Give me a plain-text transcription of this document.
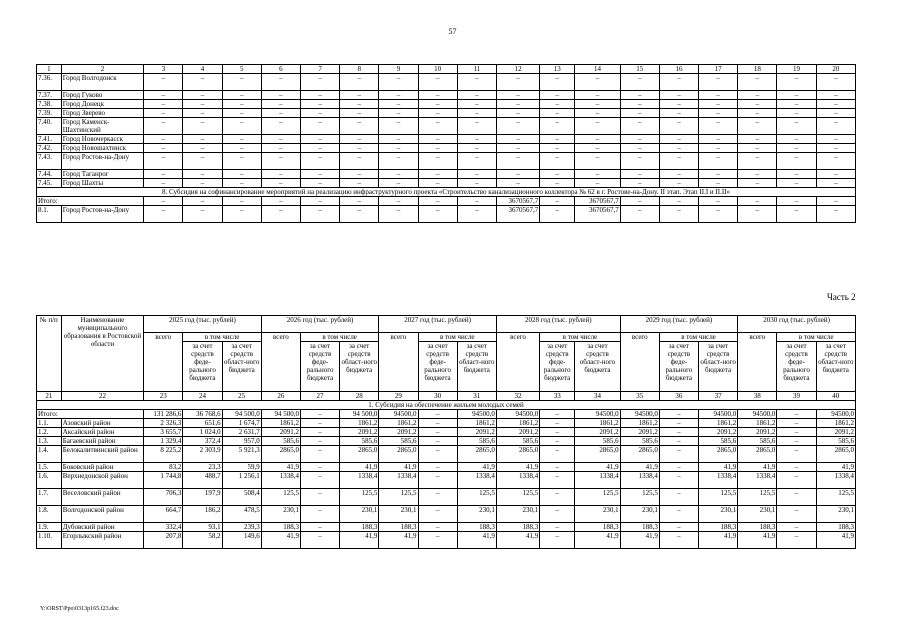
57
1	2	3	4	5	6	7	8	9	10	11	12	13	14	15	16	17	18	19	20
7.36.	Город Волгодонск	–	–	–	–	–	–	–	–	–	–	–	–	–	–	–	–	–	–
7.37.	Город Гуково	–	–	–	–	–	–	–	–	–	–	–	–	–	–	–	–	–	–
7.38.	Город Донецк	–	–	–	–	–	–	–	–	–	–	–	–	–	–	–	–	–	–
7.39.	Город Зверево	–	–	–	–	–	–	–	–	–	–	–	–	–	–	–	–	–	–
7.40.	Город Каменск-Шахтинский	–	–	–	–	–	–	–	–	–	–	–	–	–	–	–	–	–	–
7.41.	Город Новочеркасск	–	–	–	–	–	–	–	–	–	–	–	–	–	–	–	–	–	–
7.42.	Город Новошахтинск	–	–	–	–	–	–	–	–	–	–	–	–	–	–	–	–	–	–
7.43.	Город Ростов-на-Дону	–	–	–	–	–	–	–	–	–	–	–	–	–	–	–	–	–	–
7.44.	Город Таганрог	–	–	–	–	–	–	–	–	–	–	–	–	–	–	–	–	–	–
7.45.	Город Шахты	–	–	–	–	–	–	–	–	–	–	–	–	–	–	–	–	–	–
8. Субсидия на софинансирование мероприятий на реализацию инфраструктурного проекта «Строительство канализационного коллектора № 62 в г. Ростове-на-Дону. II этап. Этап II.I и II.II»																			
Итого:		–	–	–	–	–	–	–	–	–	3670567,7	–	3670567,7	–	–	–	–	–	–
8.1.	Город Ростов-на-Дону	–	–	–	–	–	–	–	–	–	3670567,7	–	3670567,7	–	–	–	–	–	–
Часть 2
№ п/п	Наименование муниципального образования в Ростовской области	2025 год (тыс. рублей)			2026 год (тыс. рублей)			2027 год (тыс. рублей)			2028 год (тыс. рублей)			2029 год (тыс. рублей)			2030 год (тыс. рублей)		
		всего	в том числе		всего	в том числе		всего	в том числе		всего	в том числе		всего	в том числе		всего	в том числе	
			за счет средств феде-рального бюджета	за счет средств област-ного бюджета		за счет средств феде-рального бюджета	за счет средств област-ного бюджета		за счет средств феде-рального бюджета	за счет средств област-ного бюджета		за счет средств феде-рального бюджета	за счет средств област-ного бюджета		за счет средств феде-рального бюджета	за счет средств област-ного бюджета		за счет средств феде-рального бюджета	за счет средств област-ного бюджета
21	22	23	24	25	26	27	28	29	30	31	32	33	34	35	36	37	38	39	40
1. Субсидия на обеспечение жильем молодых семей																			
Итого:		131 286,6	36 768,6	94 500,0	94 500,0	–	94 500,0	94500,0	–	94500,0	94500,0	–	94500,0	94500,0	–	94500,0	94500,0	–	94500,0
1.1.	Азовский район	2 326,3	651,6	1 674,7	1861,2	–	1861,2	1861,2	–	1861,2	1861,2	–	1861,2	1861,2	–	1861,2	1861,2	–	1861,2
1.2.	Аксайский район	3 655,7	1 024,0	2 631,7	2091,2	–	2091,2	2091,2	–	2091,2	2091,2	–	2091,2	2091,2	–	2091,2	2091,2	–	2091,2
1.3.	Багаевский район	1 329,4	372,4	957,0	585,6	–	585,6	585,6	–	585,6	585,6	–	585,6	585,6	–	585,6	585,6	–	585,6
1.4.	Белокалитвинский район	8 225,2	2 303,9	5 921,3	2865,0	–	2865,0	2865,0	–	2865,0	2865,0	–	2865,0	2865,0	–	2865,0	2865,0	–	2865,0
1.5.	Боковский район	83,2	23,3	59,9	41,9	–	41,9	41,9	–	41,9	41,9	–	41,9	41,9	–	41,9	41,9	–	41,9
1.6.	Верхнедонской район	1 744,8	488,7	1 256,1	1338,4	–	1338,4	1338,4	–	1338,4	1338,4	–	1338,4	1338,4	–	1338,4	1338,4	–	1338,4
1.7.	Веселовский район	706,3	197,9	508,4	125,5	–	125,5	125,5	–	125,5	125,5	–	125,5	125,5	–	125,5	125,5	–	125,5
1.8.	Волгодонской район	664,7	186,2	478,5	230,1	–	230,1	230,1	–	230,1	230,1	–	230,1	230,1	–	230,1	230,1	–	230,1
1.9.	Дубовский район	332,4	93,1	239,3	188,3	–	188,3	188,3	–	188,3	188,3	–	188,3	188,3	–	188,3	188,3	–	188,3
1.10.	Егорлыкский район	207,8	58,2	149,6	41,9	–	41,9	41,9	–	41,9	41,9	–	41,9	41,9	–	41,9	41,9	–	41,9
Y:\ORST\Ppo\0313p165.f23.doc
